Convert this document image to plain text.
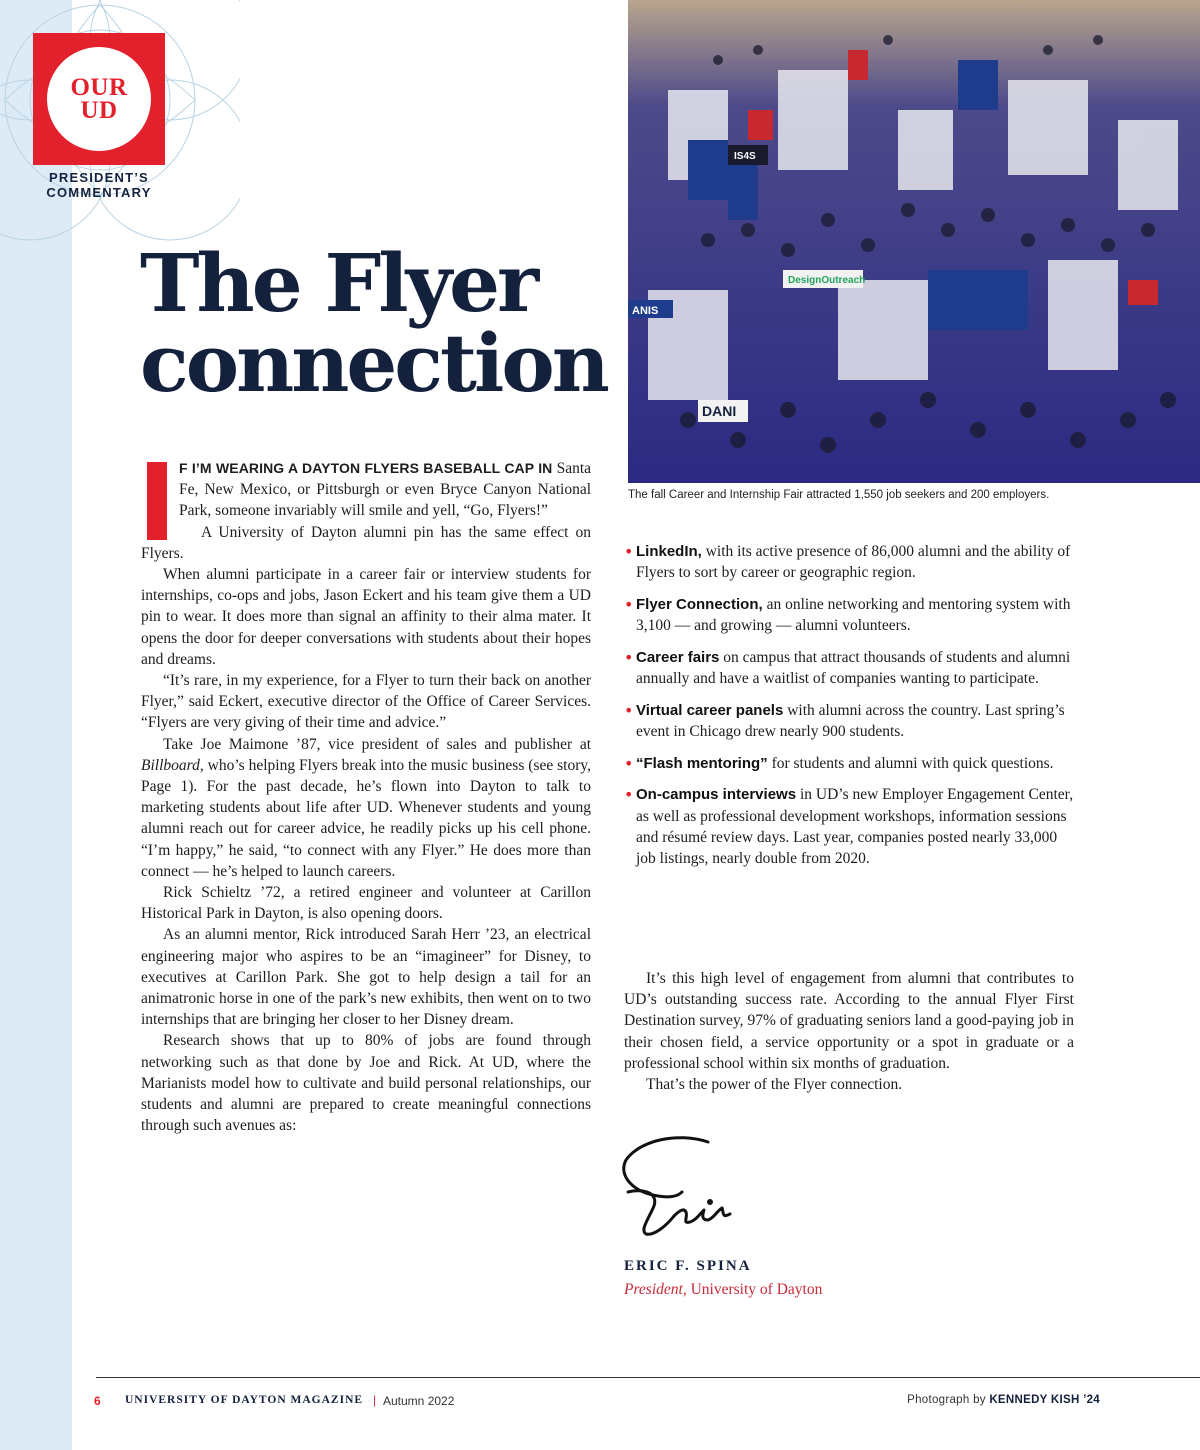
OUR
UD
PRESIDENT’S
COMMENTARY
The Flyer
connection
DesignOutreach
DANI
ANIS
IS4S
The fall Career and Internship Fair attracted 1,550 job seekers and 200 employers.

F I’M WEARING A DAYTON FLYERS BASEBALL CAP IN Santa Fe, New Mexico, or Pittsburgh or even Bryce Canyon National Park, someone invariably will smile and yell, “Go, Flyers!”

A University of Dayton alumni pin has the same effect on Flyers.

When alumni participate in a career fair or interview students for internships, co-ops and jobs, Jason Eckert and his team give them a UD pin to wear. It does more than signal an affinity to their alma mater. It opens the door for deeper conversations with students about their hopes and dreams.

“It’s rare, in my experience, for a Flyer to turn their back on another Flyer,” said Eckert, executive director of the Office of Career Services. “Flyers are very giving of their time and advice.”

Take Joe Maimone ’87, vice president of sales and publisher at Billboard, who’s helping Flyers break into the music business (see story, Page 1). For the past decade, he’s flown into Dayton to talk to marketing students about life after UD. Whenever students and young alumni reach out for career advice, he readily picks up his cell phone. “I’m happy,” he said, “to connect with any Flyer.” He does more than connect — he’s helped to launch careers.

Rick Schieltz ’72, a retired engineer and volunteer at Carillon Historical Park in Dayton, is also opening doors.

As an alumni mentor, Rick introduced Sarah Herr ’23, an electrical engineering major who aspires to be an “imagineer” for Disney, to executives at Carillon Park. She got to help design a tail for an animatronic horse in one of the park’s new exhibits, then went on to two internships that are bringing her closer to her Disney dream.

Research shows that up to 80% of jobs are found through networking such as that done by Joe and Rick. At UD, where the Marianists model how to cultivate and build personal relationships, our students and alumni are prepared to create meaningful connections through such avenues as:

• LinkedIn, with its active presence of 86,000 alumni and the ability of Flyers to sort by career or geographic region.
• Flyer Connection, an online networking and mentoring system with 3,100 — and growing — alumni volunteers.
• Career fairs on campus that attract thousands of students and alumni annually and have a waitlist of companies wanting to participate.
• Virtual career panels with alumni across the country. Last spring’s event in Chicago drew nearly 900 students.
• “Flash mentoring” for students and alumni with quick questions.
• On-campus interviews in UD’s new Employer Engagement Center, as well as professional development workshops, information sessions and résumé review days. Last year, companies posted nearly 33,000 job listings, nearly double from 2020.

It’s this high level of engagement from alumni that contributes to UD’s outstanding success rate. According to the annual Flyer First Destination survey, 97% of graduating seniors land a good-paying job in their chosen field, a service opportunity or a spot in graduate or a professional school within six months of graduation.

That’s the power of the Flyer connection.

ERIC F. SPINA
President, University of Dayton
6 UNIVERSITY OF DAYTON MAGAZINE | Autumn 2022	Photograph by KENNEDY KISH ’24
